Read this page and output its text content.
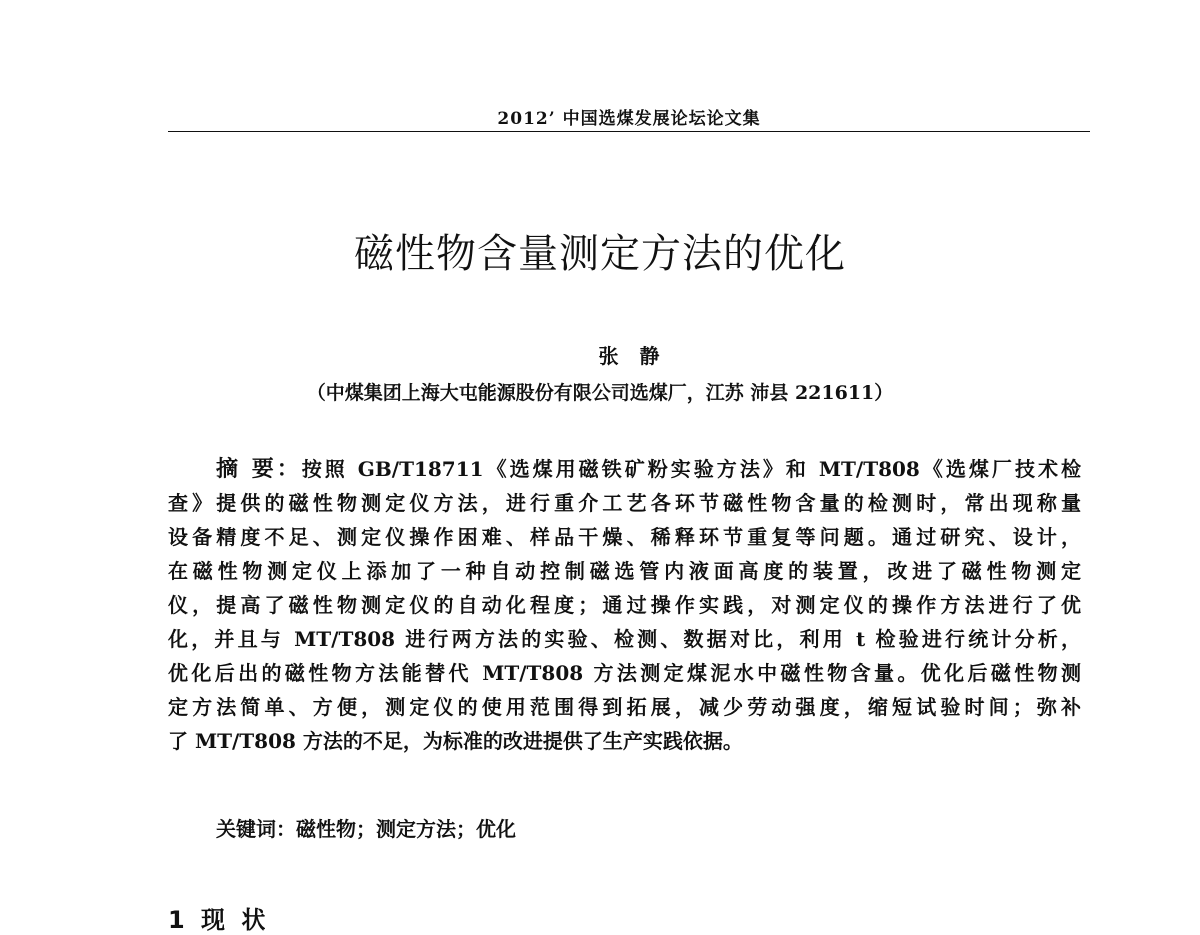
2012’ 中国选煤发展论坛论文集
磁性物含量测定方法的优化
张 静
（中煤集团上海大屯能源股份有限公司选煤厂，江苏 沛县 221611）
摘 要：按照 GB/T18711《选煤用磁铁矿粉实验方法》和 MT/T808《选煤厂技术检
查》提供的磁性物测定仪方法，进行重介工艺各环节磁性物含量的检测时，常出现称量
设备精度不足、测定仪操作困难、样品干燥、稀释环节重复等问题。通过研究、设计，
在磁性物测定仪上添加了一种自动控制磁选管内液面高度的装置，改进了磁性物测定
仪，提高了磁性物测定仪的自动化程度；通过操作实践，对测定仪的操作方法进行了优
化，并且与 MT/T808 进行两方法的实验、检测、数据对比，利用 t 检验进行统计分析，
优化后出的磁性物方法能替代 MT/T808 方法测定煤泥水中磁性物含量。优化后磁性物测
定方法简单、方便，测定仪的使用范围得到拓展，减少劳动强度，缩短试验时间；弥补
了 MT/T808 方法的不足，为标准的改进提供了生产实践依据。
关键词：磁性物；测定方法；优化
1 现 状
